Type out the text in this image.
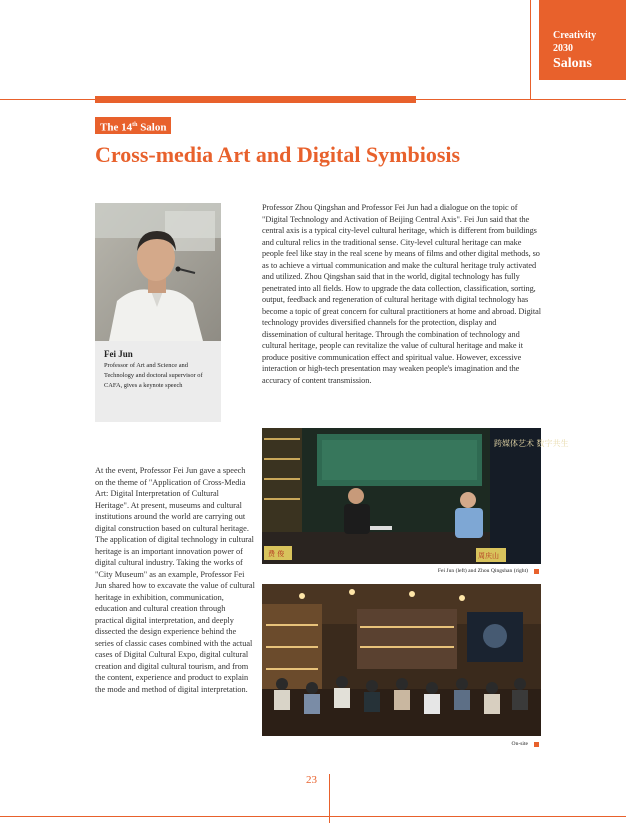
Creativity
2030
Salons
The 14th Salon
Cross-media Art and Digital Symbiosis
Fei Jun
Professor of Art and Science and Technology and doctoral supervisor of CAFA, gives a keynote speech

Professor Zhou Qingshan and Professor Fei Jun had a dialogue on the topic of "Digital Technology and Activation of Beijing Central Axis". Fei Jun said that the central axis is a typical city-level cultural heritage, which is different from buildings and cultural relics in the traditional sense. City-level cultural heritage can make people feel like stay in the real scene by means of films and other digital methods, so as to achieve a virtual communication and make the cultural heritage truly activated and utilized. Zhou Qingshan said that in the world, digital technology has fully penetrated into all fields. How to upgrade the data collection, classification, sorting, output, feedback and regeneration of cultural heritage with digital technology has become a topic of great concern for cultural practitioners at home and abroad. Digital technology provides diversified channels for the protection, display and dissemination of cultural heritage. Through the combination of technology and cultural heritage, people can revitalize the value of cultural heritage and make it produce positive communication effect and spiritual value. However, excessive interaction or high-tech presentation may weaken people's imagination and the accuracy of content transmission.

At the event, Professor Fei Jun gave a speech on the theme of "Application of Cross-Media Art: Digital Interpretation of Cultural Heritage". At present, museums and cultural institutions around the world are carrying out digital construction based on cultural heritage. The application of digital technology in cultural heritage is an important innovation power of digital cultural industry. Taking the works of "City Museum" as an example, Professor Fei Jun shared how to excavate the value of cultural heritage in exhibition, communication, education and cultural creation through practical digital interpretation, and deeply dissected the design experience behind the series of classic cases combined with the actual cases of Digital Cultural Expo, digital cultural creation and digital cultural tourism, and from the content, experience and product to explain the mode and method of digital interpretation.

跨媒体艺术 数字共生
费 俊	周庆山
Fei Jun (left) and Zhou Qingshan (right)
On-site
23
